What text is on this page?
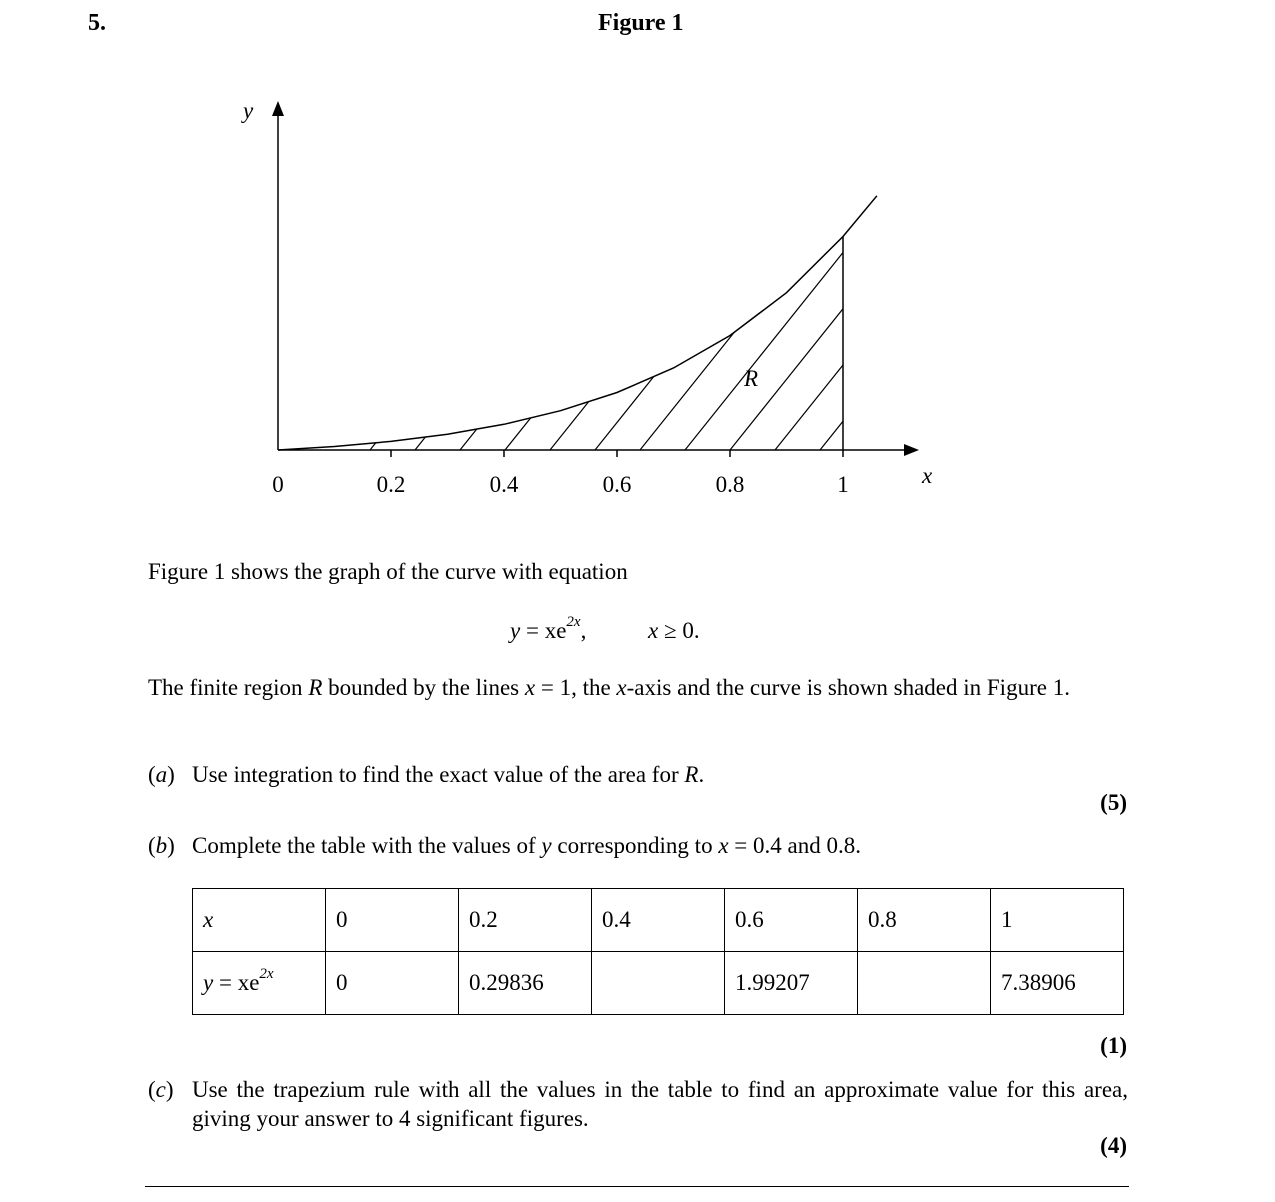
5.	Figure 1
0	0.2	0.4	0.6	0.8	1
y
x
R
Figure 1 shows the graph of the curve with equation
$y = xe^{2x}$,	x ≥ 0.
The finite region R bounded by the lines x = 1, the x-axis and the curve is shown shaded in Figure 1.
(a) Use integration to find the exact value of the area for R.
(5)
(b) Complete the table with the values of y corresponding to x = 0.4 and 0.8.
x	0	0.2	0.4	0.6	0.8	1
$y = xe^{2x}$	0	0.29836		1.99207		7.38906
(1)
(c) Use the trapezium rule with all the values in the table to find an approximate value for this area, giving your answer to 4 significant figures.
(4)
